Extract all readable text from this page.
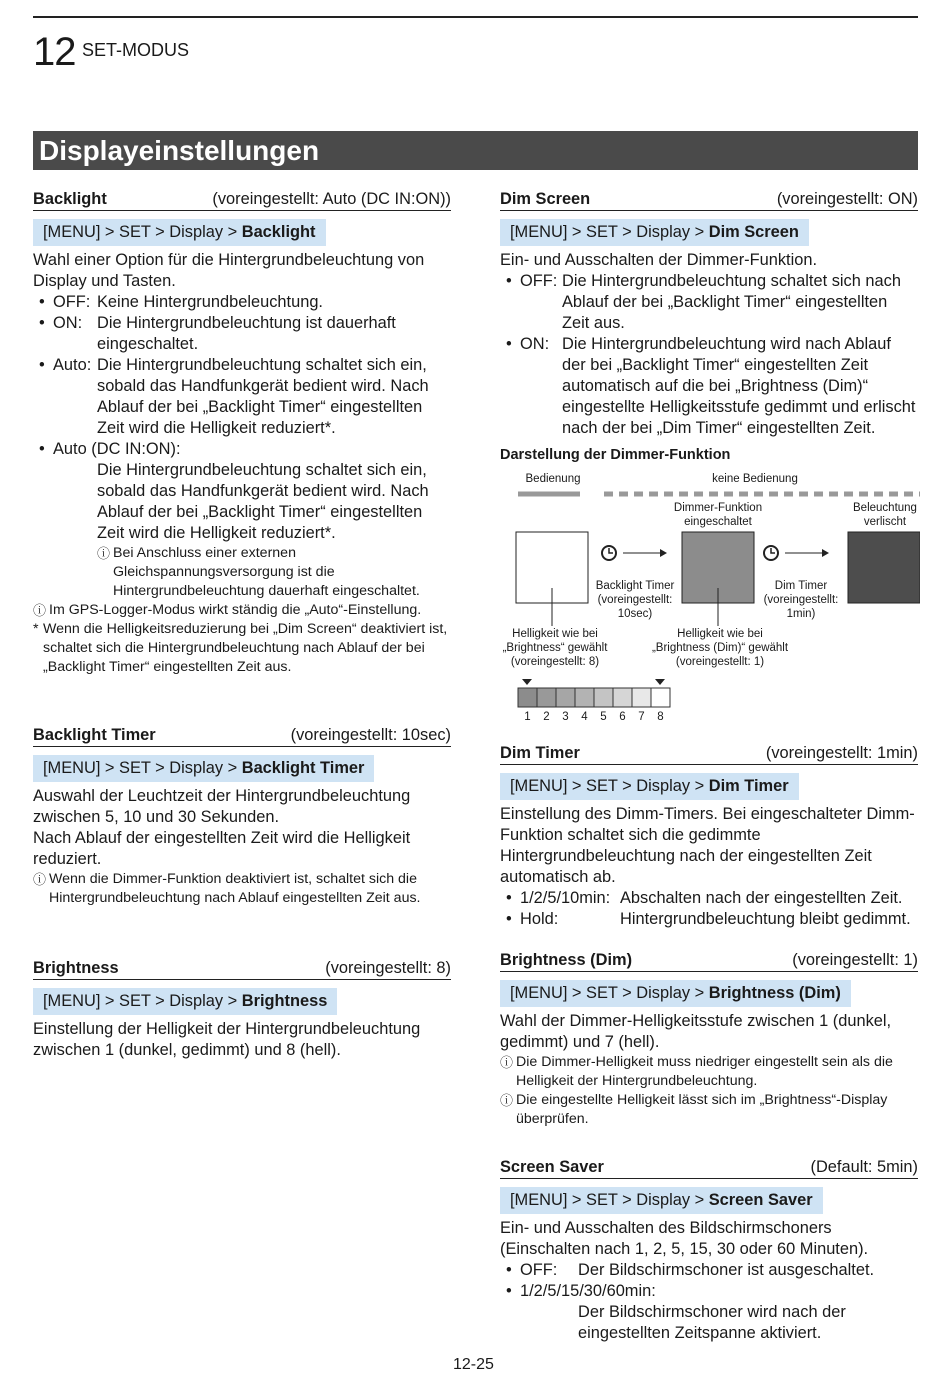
12 SET-MODUS
Displayeinstellungen
Backlight	(voreingestellt: Auto (DC IN:ON))
[MENU] > SET > Display > Backlight

Wahl einer Option für die Hintergrundbeleuchtung von Display und Tasten.

• OFF: Keine Hintergrundbeleuchtung.
• ON: Die Hintergrundbeleuchtung ist dauerhaft eingeschaltet.
• Auto: Die Hintergrundbeleuchtung schaltet sich ein, sobald das Handfunkgerät bedient wird. Nach Ablauf der bei „Backlight Timer“ eingestellten Zeit wird die Helligkeit reduziert*.
• Auto (DC IN:ON):
Die Hintergrundbeleuchtung schaltet sich ein, sobald das Handfunkgerät bedient wird. Nach Ablauf der bei „Backlight Timer“ eingestellten Zeit wird die Helligkeit reduziert*.
ⓘ Bei Anschluss einer externen Gleichspannungsversorgung ist die Hintergrundbeleuchtung dauerhaft eingeschaltet.
ⓘ Im GPS-Logger-Modus wirkt ständig die „Auto“-Einstellung.
* Wenn die Helligkeitsreduzierung bei „Dim Screen“ deaktiviert ist, schaltet sich die Hintergrundbeleuchtung nach Ablauf der bei „Backlight Timer“ eingestellten Zeit aus.
Backlight Timer	(voreingestellt: 10sec)
[MENU] > SET > Display > Backlight Timer

Auswahl der Leuchtzeit der Hintergrundbeleuchtung zwischen 5, 10 und 30 Sekunden.

Nach Ablauf der eingestellten Zeit wird die Helligkeit reduziert.

ⓘ Wenn die Dimmer-Funktion deaktiviert ist, schaltet sich die Hintergrundbeleuchtung nach Ablauf eingestellten Zeit aus.
Brightness	(voreingestellt: 8)
[MENU] > SET > Display > Brightness

Einstellung der Helligkeit der Hintergrundbeleuchtung zwischen 1 (dunkel, gedimmt) und 8 (hell).

Dim Screen	(voreingestellt: ON)
[MENU] > SET > Display > Dim Screen

Ein- und Ausschalten der Dimmer-Funktion.

• OFF: Die Hintergrundbeleuchtung schaltet sich nach Ablauf der bei „Backlight Timer“ eingestellten Zeit aus.
• ON: Die Hintergrundbeleuchtung wird nach Ablauf der bei „Backlight Timer“ eingestellten Zeit automatisch auf die bei „Brightness (Dim)“ eingestellte Helligkeitsstufe gedimmt und erlischt nach der bei „Dim Timer“ eingestellten Zeit.
Darstellung der Dimmer-Funktion
Bedienung	keine Bedienung
Dimmer-Funktion
eingeschaltet
Beleuchtung
verlischt
Backlight Timer
(voreingestellt:
10sec)
Dim Timer
(voreingestellt:
1min)
Helligkeit wie bei
„Brightness“ gewählt
(voreingestellt: 8)
Helligkeit wie bei
„Brightness (Dim)“ gewählt
(voreingestellt: 1)
1	2	3	4	5	6	7	8
Dim Timer	(voreingestellt: 1min)
[MENU] > SET > Display > Dim Timer

Einstellung des Dimm-Timers. Bei eingeschalteter Dimm-Funktion schaltet sich die gedimmte Hintergrundbeleuchtung nach der eingestellten Zeit automatisch ab.

• 1/2/5/10min: Abschalten nach der eingestellten Zeit.
• Hold:	Hintergrundbeleuchtung bleibt gedimmt.
Brightness (Dim)	(voreingestellt: 1)
[MENU] > SET > Display > Brightness (Dim)

Wahl der Dimmer-Helligkeitsstufe zwischen 1 (dunkel, gedimmt) und 7 (hell).

ⓘ Die Dimmer-Helligkeit muss niedriger eingestellt sein als die Helligkeit der Hintergrundbeleuchtung.
ⓘ Die eingestellte Helligkeit lässt sich im „Brightness“-Display überprüfen.
Screen Saver	(Default: 5min)
[MENU] > SET > Display > Screen Saver

Ein- und Ausschalten des Bildschirmschoners (Einschalten nach 1, 2, 5, 15, 30 oder 60 Minuten).

• OFF:	Der Bildschirmschoner ist ausgeschaltet.
• 1/2/5/15/30/60min:
Der Bildschirmschoner wird nach der eingestellten Zeitspanne aktiviert.
12-25
